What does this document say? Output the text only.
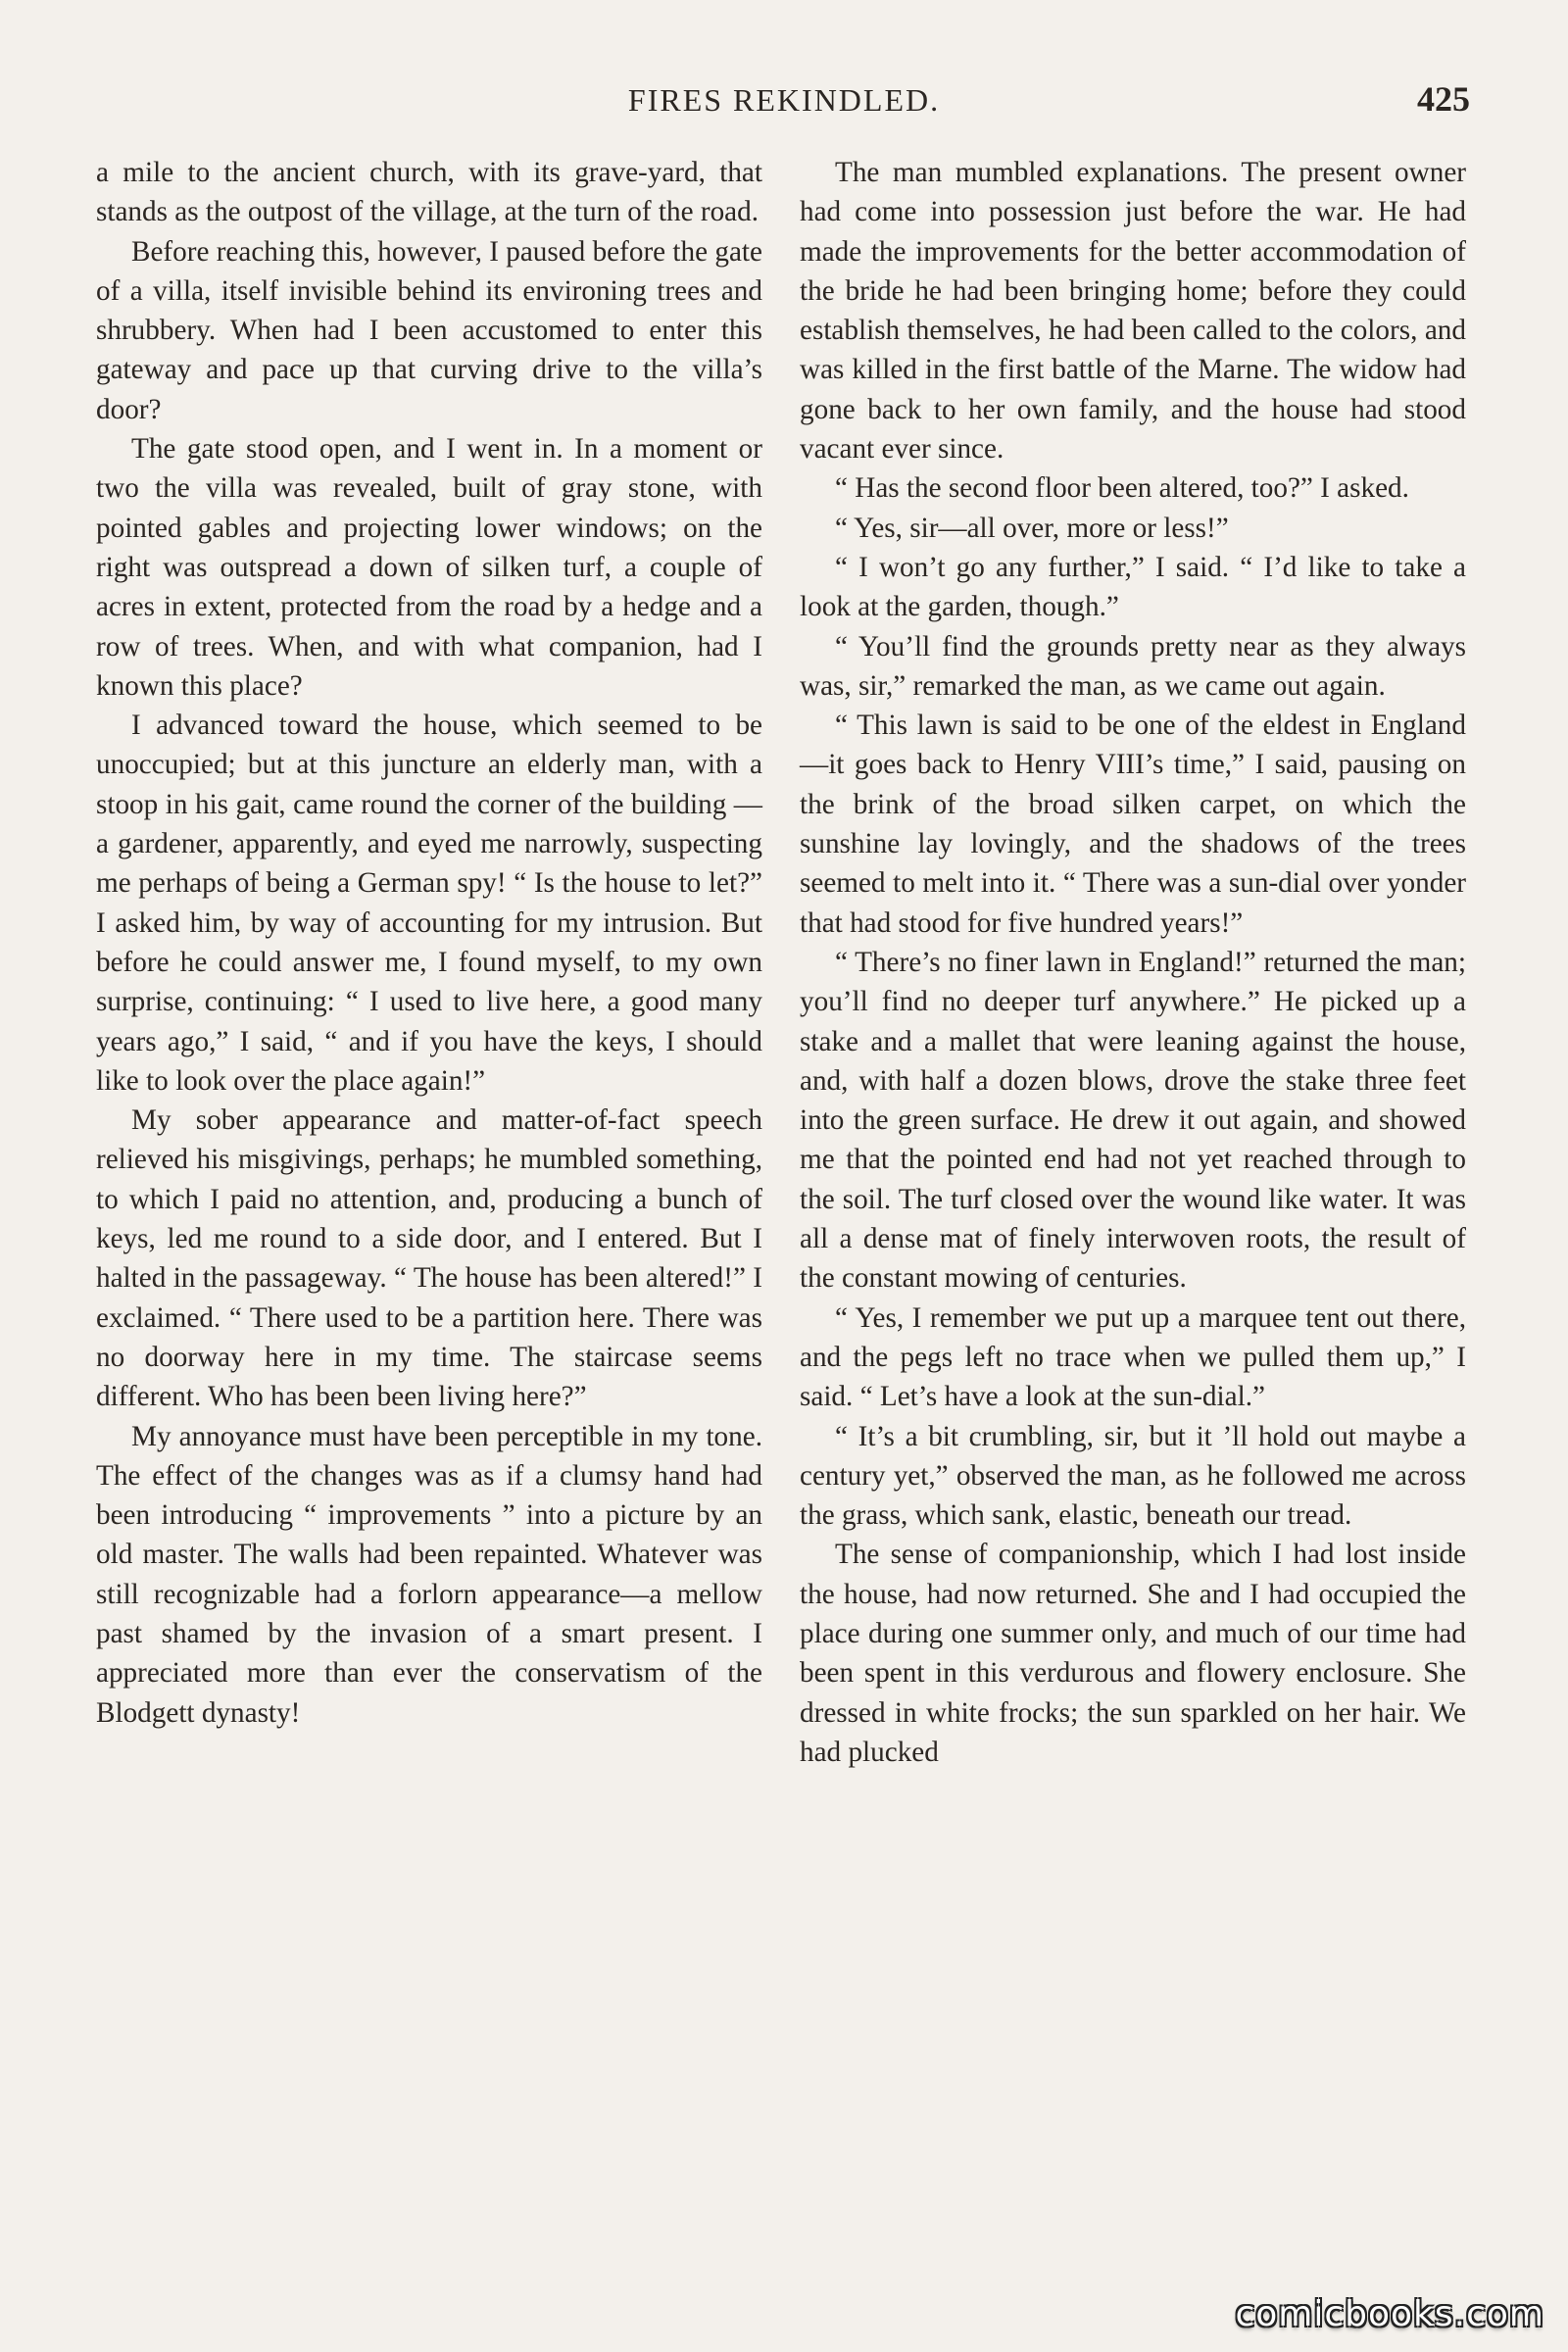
FIRES REKINDLED.	425

a mile to the ancient church, with its grave-yard, that stands as the outpost of the village, at the turn of the road.

Before reaching this, however, I paused before the gate of a villa, itself invisible behind its environing trees and shrubbery. When had I been accustomed to enter this gateway and pace up that curving drive to the villa’s door?

The gate stood open, and I went in. In a moment or two the villa was revealed, built of gray stone, with pointed gables and projecting lower windows; on the right was outspread a down of silken turf, a couple of acres in extent, protected from the road by a hedge and a row of trees. When, and with what companion, had I known this place?

I advanced toward the house, which seemed to be unoccupied; but at this juncture an elderly man, with a stoop in his gait, came round the corner of the building —a gardener, apparently, and eyed me narrowly, suspecting me perhaps of being a German spy! “ Is the house to let?” I asked him, by way of accounting for my intrusion. But before he could answer me, I found myself, to my own surprise, continuing: “ I used to live here, a good many years ago,” I said, “ and if you have the keys, I should like to look over the place again!”

My sober appearance and matter-of-fact speech relieved his misgivings, perhaps; he mumbled something, to which I paid no attention, and, producing a bunch of keys, led me round to a side door, and I entered. But I halted in the passageway. “ The house has been altered!” I exclaimed. “ There used to be a partition here. There was no doorway here in my time. The staircase seems different. Who has been been living here?”

My annoyance must have been perceptible in my tone. The effect of the changes was as if a clumsy hand had been introducing “ improvements ” into a picture by an old master. The walls had been repainted. Whatever was still recognizable had a forlorn appearance—a mellow past shamed by the invasion of a smart present. I appreciated more than ever the conservatism of the Blodgett dynasty!

The man mumbled explanations. The present owner had come into possession just before the war. He had made the improvements for the better accommodation of the bride he had been bringing home; before they could establish themselves, he had been called to the colors, and was killed in the first battle of the Marne. The widow had gone back to her own family, and the house had stood vacant ever since.

“ Has the second floor been altered, too?” I asked.

“ Yes, sir—all over, more or less!”

“ I won’t go any further,” I said. “ I’d like to take a look at the garden, though.”

“ You’ll find the grounds pretty near as they always was, sir,” remarked the man, as we came out again.

“ This lawn is said to be one of the eldest in England—it goes back to Henry VIII’s time,” I said, pausing on the brink of the broad silken carpet, on which the sunshine lay lovingly, and the shadows of the trees seemed to melt into it. “ There was a sun-dial over yonder that had stood for five hundred years!”

“ There’s no finer lawn in England!” returned the man; you’ll find no deeper turf anywhere.” He picked up a stake and a mallet that were leaning against the house, and, with half a dozen blows, drove the stake three feet into the green surface. He drew it out again, and showed me that the pointed end had not yet reached through to the soil. The turf closed over the wound like water. It was all a dense mat of finely interwoven roots, the result of the constant mowing of centuries.

“ Yes, I remember we put up a marquee tent out there, and the pegs left no trace when we pulled them up,” I said. “ Let’s have a look at the sun-dial.”

“ It’s a bit crumbling, sir, but it ’ll hold out maybe a century yet,” observed the man, as he followed me across the grass, which sank, elastic, beneath our tread.

The sense of companionship, which I had lost inside the house, had now returned. She and I had occupied the place during one summer only, and much of our time had been spent in this verdurous and flowery enclosure. She dressed in white frocks; the sun sparkled on her hair. We had plucked

comicbooks.com
